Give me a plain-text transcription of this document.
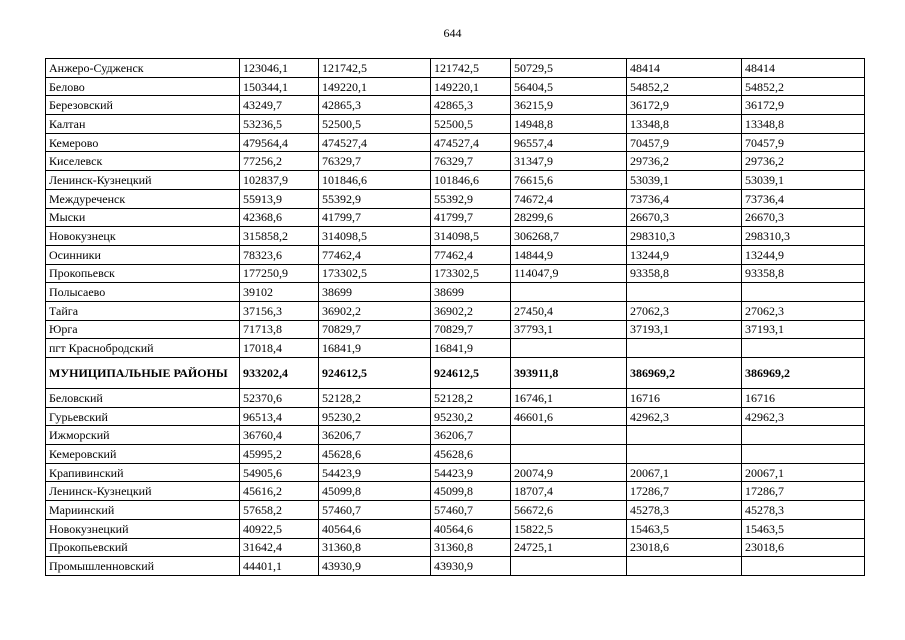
644
Анжеро-Судженск	123046,1	121742,5	121742,5	50729,5	48414	48414
Белово	150344,1	149220,1	149220,1	56404,5	54852,2	54852,2
Березовский	43249,7	42865,3	42865,3	36215,9	36172,9	36172,9
Калтан	53236,5	52500,5	52500,5	14948,8	13348,8	13348,8
Кемерово	479564,4	474527,4	474527,4	96557,4	70457,9	70457,9
Киселевск	77256,2	76329,7	76329,7	31347,9	29736,2	29736,2
Ленинск-Кузнецкий	102837,9	101846,6	101846,6	76615,6	53039,1	53039,1
Междуреченск	55913,9	55392,9	55392,9	74672,4	73736,4	73736,4
Мыски	42368,6	41799,7	41799,7	28299,6	26670,3	26670,3
Новокузнецк	315858,2	314098,5	314098,5	306268,7	298310,3	298310,3
Осинники	78323,6	77462,4	77462,4	14844,9	13244,9	13244,9
Прокопьевск	177250,9	173302,5	173302,5	114047,9	93358,8	93358,8
Полысаево	39102	38699	38699			
Тайга	37156,3	36902,2	36902,2	27450,4	27062,3	27062,3
Юрга	71713,8	70829,7	70829,7	37793,1	37193,1	37193,1
пгт Краснобродский	17018,4	16841,9	16841,9			
МУНИЦИПАЛЬНЫЕ РАЙОНЫ	933202,4	924612,5	924612,5	393911,8	386969,2	386969,2
Беловский	52370,6	52128,2	52128,2	16746,1	16716	16716
Гурьевский	96513,4	95230,2	95230,2	46601,6	42962,3	42962,3
Ижморский	36760,4	36206,7	36206,7			
Кемеровский	45995,2	45628,6	45628,6			
Крапивинский	54905,6	54423,9	54423,9	20074,9	20067,1	20067,1
Ленинск-Кузнецкий	45616,2	45099,8	45099,8	18707,4	17286,7	17286,7
Мариинский	57658,2	57460,7	57460,7	56672,6	45278,3	45278,3
Новокузнецкий	40922,5	40564,6	40564,6	15822,5	15463,5	15463,5
Прокопьевский	31642,4	31360,8	31360,8	24725,1	23018,6	23018,6
Промышленновский	44401,1	43930,9	43930,9			
